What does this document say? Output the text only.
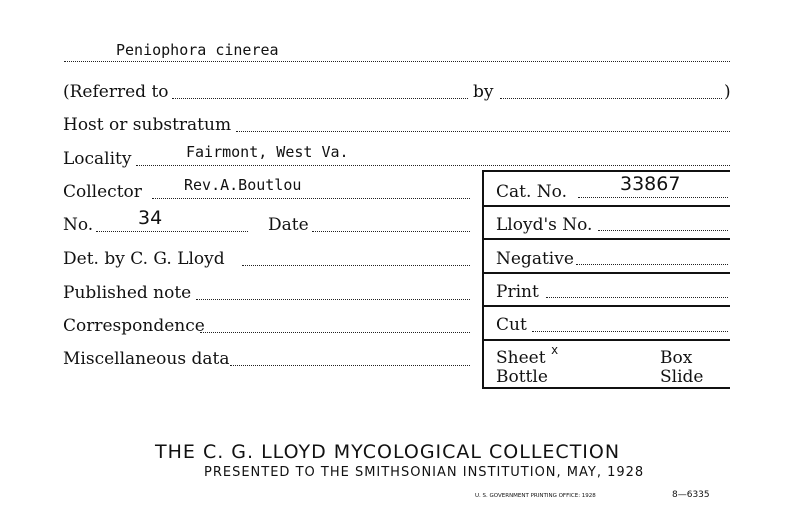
Peniophora cinerea
(Referred to	by	)
Host or substratum
Locality	Fairmont, West Va.
Collector	Rev.A.Boutlou	Cat. No.	33867
No. 34	Date	Lloyd's No.
Det. by C. G. Lloyd	Negative
Published note	Print
Correspondence	Cut
Miscellaneous data	Sheet x	Box
Bottle	Slide
THE C. G. LLOYD MYCOLOGICAL COLLECTION
PRESENTED TO THE SMITHSONIAN INSTITUTION, MAY, 1928
U. S. GOVERNMENT PRINTING OFFICE: 1928	8—6335
